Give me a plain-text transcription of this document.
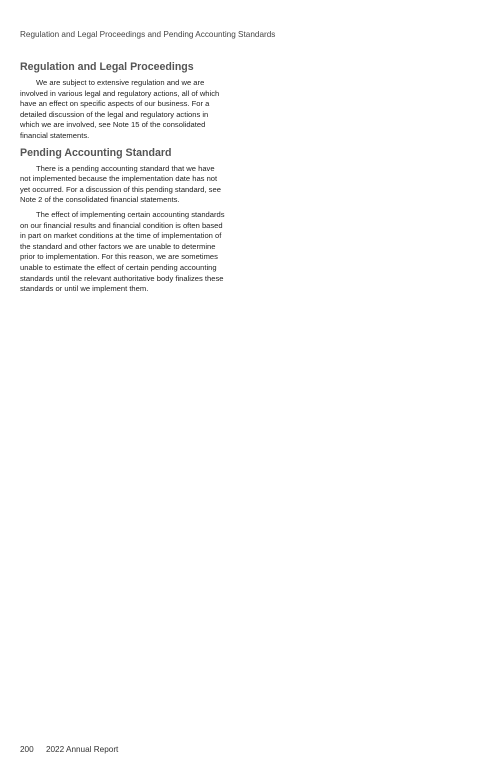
Regulation and Legal Proceedings and Pending Accounting Standards
Regulation and Legal Proceedings

We are subject to extensive regulation and we are involved in various legal and regulatory actions, all of which have an effect on specific aspects of our business. For a detailed discussion of the legal and regulatory actions in which we are involved, see Note 15 of the consolidated financial statements.

Pending Accounting Standard

There is a pending accounting standard that we have not implemented because the implementation date has not yet occurred. For a discussion of this pending standard, see Note 2 of the consolidated financial statements.

The effect of implementing certain accounting standards on our financial results and financial condition is often based in part on market conditions at the time of implementation of the standard and other factors we are unable to determine prior to implementation. For this reason, we are sometimes unable to estimate the effect of certain pending accounting standards until the relevant authoritative body finalizes these standards or until we implement them.

200 2022 Annual Report
